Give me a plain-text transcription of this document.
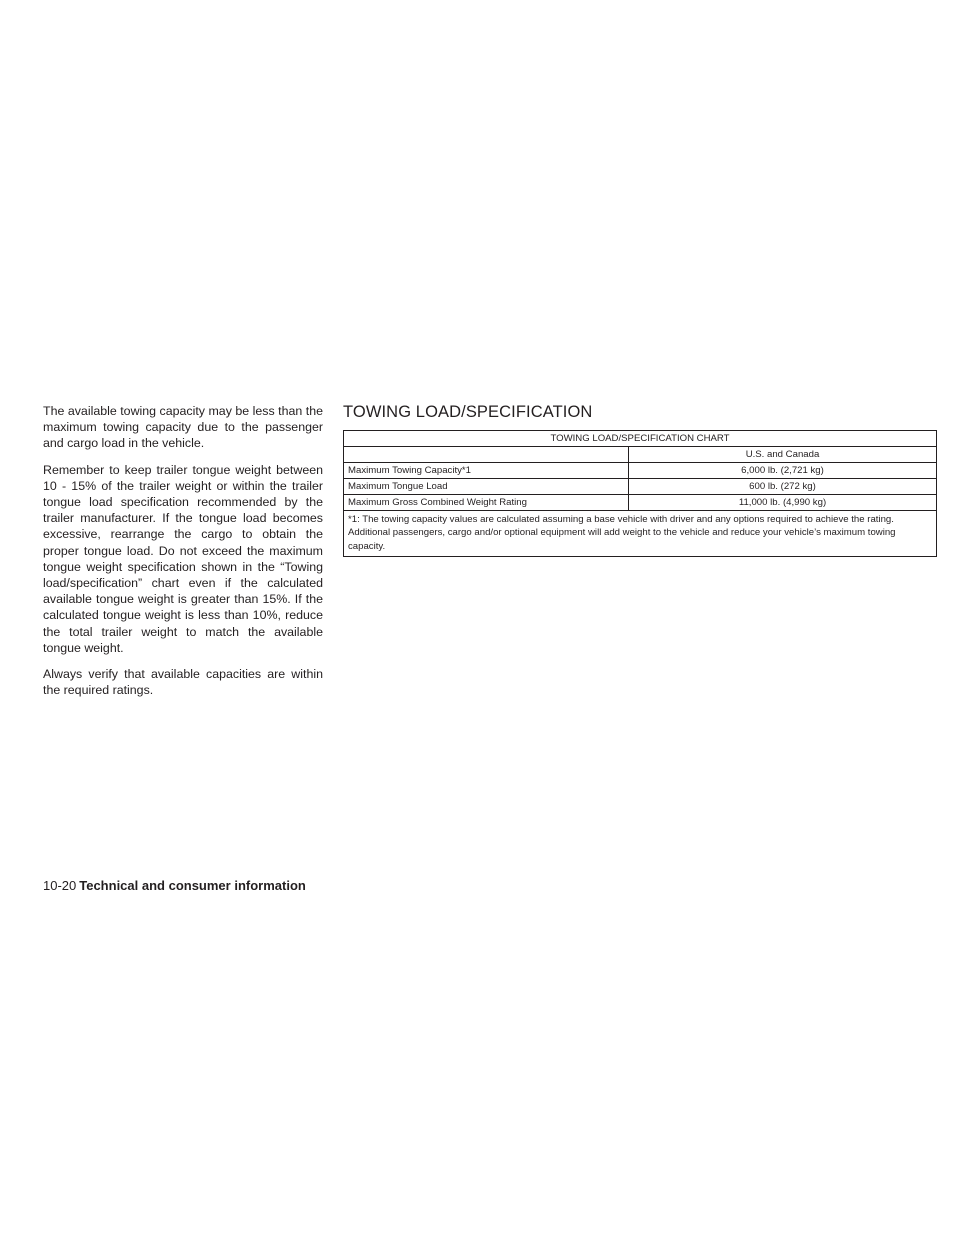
The available towing capacity may be less than the maximum towing capacity due to the passenger and cargo load in the vehicle.

Remember to keep trailer tongue weight between 10 - 15% of the trailer weight or within the trailer tongue load specification recommended by the trailer manufacturer. If the tongue load becomes excessive, rearrange the cargo to obtain the proper tongue load. Do not exceed the maximum tongue weight specification shown in the “Towing load/specification” chart even if the calculated available tongue weight is greater than 15%. If the calculated tongue weight is less than 10%, reduce the total trailer weight to match the available tongue weight.

Always verify that available capacities are within the required ratings.

TOWING LOAD/SPECIFICATION
TOWING LOAD/SPECIFICATION CHART	
	U.S. and Canada
Maximum Towing Capacity*1	6,000 lb. (2,721 kg)
Maximum Tongue Load	600 lb. (272 kg)
Maximum Gross Combined Weight Rating	11,000 lb. (4,990 kg)
*1: The towing capacity values are calculated assuming a base vehicle with driver and any options required to achieve the rating. Additional passengers, cargo and/or optional equipment will add weight to the vehicle and reduce your vehicle’s maximum towing capacity.	
10-20 Technical and consumer information
